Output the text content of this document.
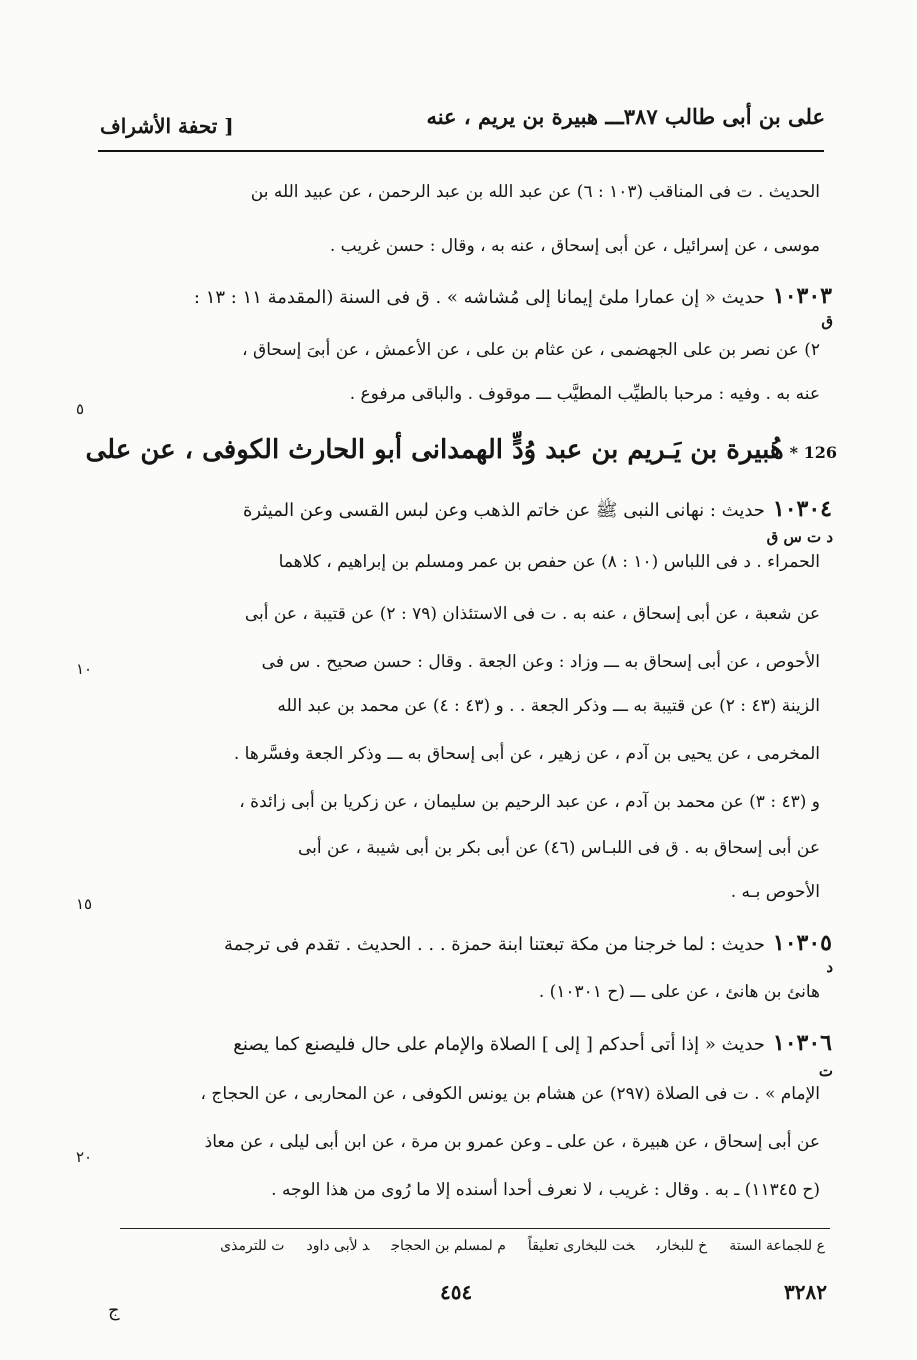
على بن أبى طالب ٣٨٧ـــ هبيرة بن يريم ، عنه
[ تحفة الأشراف
الحديث . ت فى المناقب (١٠٣ : ٦) عن عبد الله بن عبد الرحمن ، عن عبيد الله بن
موسى ، عن إسرائيل ، عن أبى إسحاق ، عنه به ، وقال : حسن غريب .
١٠٣٠٣حديث « إن عمارا ملئ إيمانا إلى مُشاشه » . ق فى السنة (المقدمة ١١ : ١٣ :
ق
٢) عن نصر بن على الجهضمى ، عن عثام بن على ، عن الأعمش ، عن أبىَ إسحاق ،
عنه به . وفيه : مرحبا بالطيِّب المطيَّب ـــ موقوف . والباقى مرفوع .
٥
126 *هُبيرة بن يَـريم بن عبد وُدٍّ الهمدانى أبو الحارث الكوفى ، عن على
١٠٣٠٤حديث : نهانى النبى ﷺ عن خاتم الذهب وعن لبس القسى وعن الميثرة
د ت س ق
الحمراء . د فى اللباس (١٠ : ٨) عن حفص بن عمر ومسلم بن إبراهيم ، كلاهما
عن شعبة ، عن أبى إسحاق ، عنه به . ت فى الاستئذان (٧٩ : ٢) عن قتيبة ، عن أبى
الأحوص ، عن أبى إسحاق به ـــ وزاد : وعن الجعة . وقال : حسن صحيح . س فى
١٠
الزينة (٤٣ : ٢) عن قتيبة به ـــ وذكر الجعة . . و (٤٣ : ٤) عن محمد بن عبد الله
المخرمى ، عن يحيى بن آدم ، عن زهير ، عن أبى إسحاق به ـــ وذكر الجعة وفسَّرها .
و (٤٣ : ٣) عن محمد بن آدم ، عن عبد الرحيم بن سليمان ، عن زكريا بن أبى زائدة ،
عن أبى إسحاق به . ق فى اللبـاس (٤٦) عن أبى بكر بن أبى شيبة ، عن أبى
الأحوص بـه .
١٥
١٠٣٠٥حديث : لما خرجنا من مكة تبعتنا ابنة حمزة . . . الحديث . تقدم فى ترجمة
د
هانئ بن هانئ ، عن على ـــ (ح ١٠٣٠١) .
١٠٣٠٦حديث « إذا أتى أحدكم [ إلى ] الصلاة والإمام على حال فليصنع كما يصنع
ت
الإمام » . ت فى الصلاة (٢٩٧) عن هشام بن يونس الكوفى ، عن المحاربى ، عن الحجاج ،
عن أبى إسحاق ، عن هبيرة ، عن على ـ وعن عمرو بن مرة ، عن ابن أبى ليلى ، عن معاذ
٢٠
(ح ١١٣٤٥) ـ به . وقال : غريب ، لا نعرف أحدا أسنده إلا ما رُوى من هذا الوجه .
ع للجماعة الستةخ للبخارىخت للبخارى تعليقاًم لمسلم بن الحجاجد لأبى داودت للترمذى
٤٥٤	٣٢٨٢
ج
